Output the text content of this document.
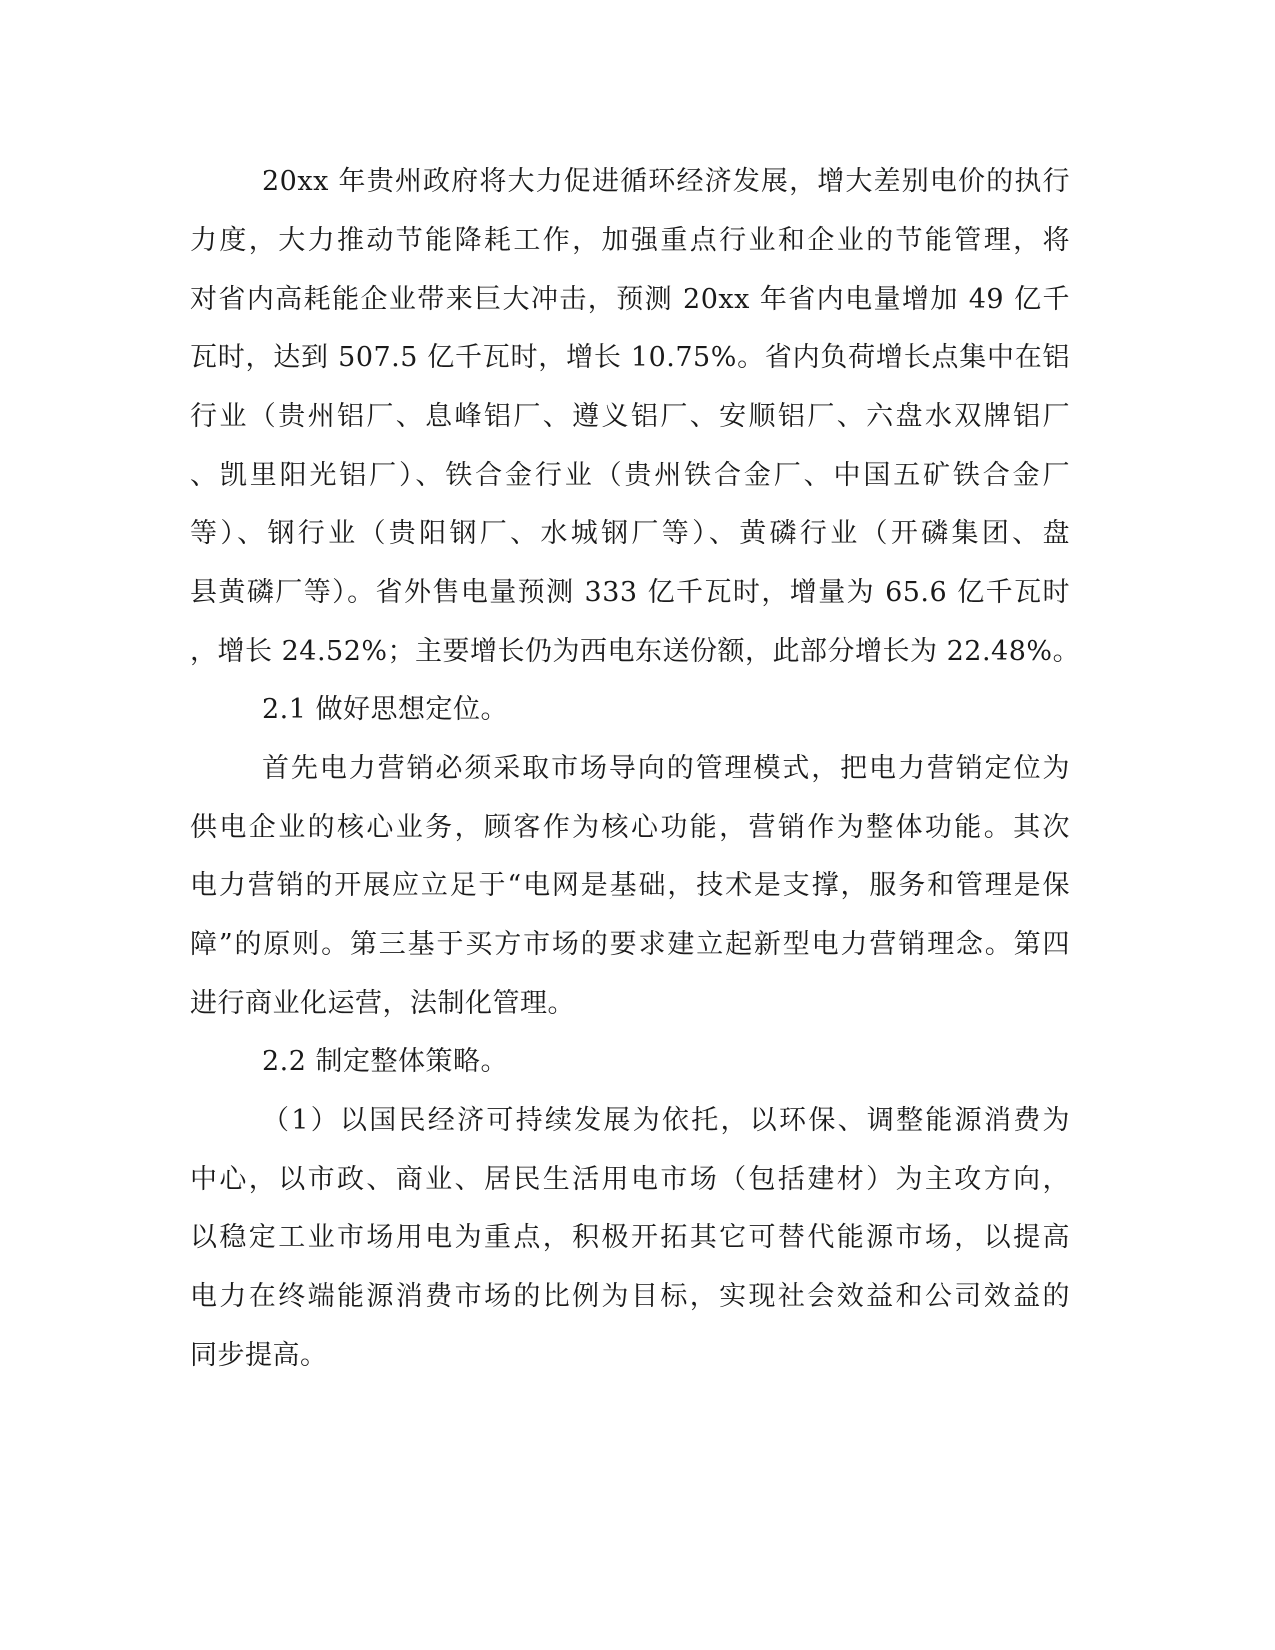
20xx 年贵州政府将大力促进循环经济发展，增大差别电价的执行
力度，大力推动节能降耗工作，加强重点行业和企业的节能管理，将
对省内高耗能企业带来巨大冲击，预测 20xx 年省内电量增加 49 亿千
瓦时，达到 507.5 亿千瓦时，增长 10.75%。省内负荷增长点集中在铝
行业（贵州铝厂、息峰铝厂、遵义铝厂、安顺铝厂、六盘水双牌铝厂
、凯里阳光铝厂）、铁合金行业（贵州铁合金厂、中国五矿铁合金厂
等）、钢行业（贵阳钢厂、水城钢厂等）、黄磷行业（开磷集团、盘
县黄磷厂等）。省外售电量预测 333 亿千瓦时，增量为 65.6 亿千瓦时
，增长 24.52%；主要增长仍为西电东送份额，此部分增长为 22.48%。
2.1 做好思想定位。
首先电力营销必须采取市场导向的管理模式，把电力营销定位为
供电企业的核心业务，顾客作为核心功能，营销作为整体功能。其次
电力营销的开展应立足于“电网是基础，技术是支撑，服务和管理是保
障”的原则。第三基于买方市场的要求建立起新型电力营销理念。第四
进行商业化运营，法制化管理。
2.2 制定整体策略。
（1）以国民经济可持续发展为依托，以环保、调整能源消费为
中心，以市政、商业、居民生活用电市场（包括建材）为主攻方向，
以稳定工业市场用电为重点，积极开拓其它可替代能源市场，以提高
电力在终端能源消费市场的比例为目标，实现社会效益和公司效益的
同步提高。
